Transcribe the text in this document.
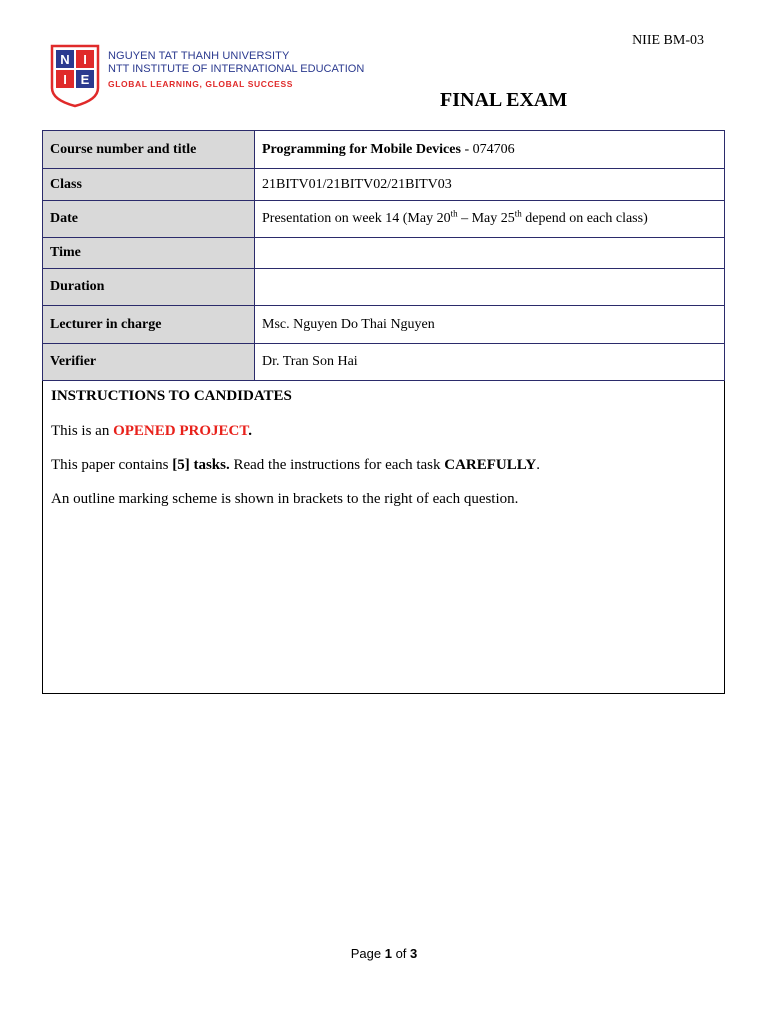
NIIE BM-03
N I
I E
NGUYEN TAT THANH UNIVERSITY
NTT INSTITUTE OF INTERNATIONAL EDUCATION
GLOBAL LEARNING, GLOBAL SUCCESS
FINAL EXAM
Course number and title	Programming for Mobile Devices - 074706
Class	21BITV01/21BITV02/21BITV03
Date	Presentation on week 14 (May 20th – May 25th depend on each class)
Time	
Duration	
Lecturer in charge	Msc. Nguyen Do Thai Nguyen
Verifier	Dr. Tran Son Hai

INSTRUCTIONS TO CANDIDATES

This is an OPENED PROJECT.

This paper contains [5] tasks. Read the instructions for each task CAREFULLY.

An outline marking scheme is shown in brackets to the right of each question.

Page 1 of 3
